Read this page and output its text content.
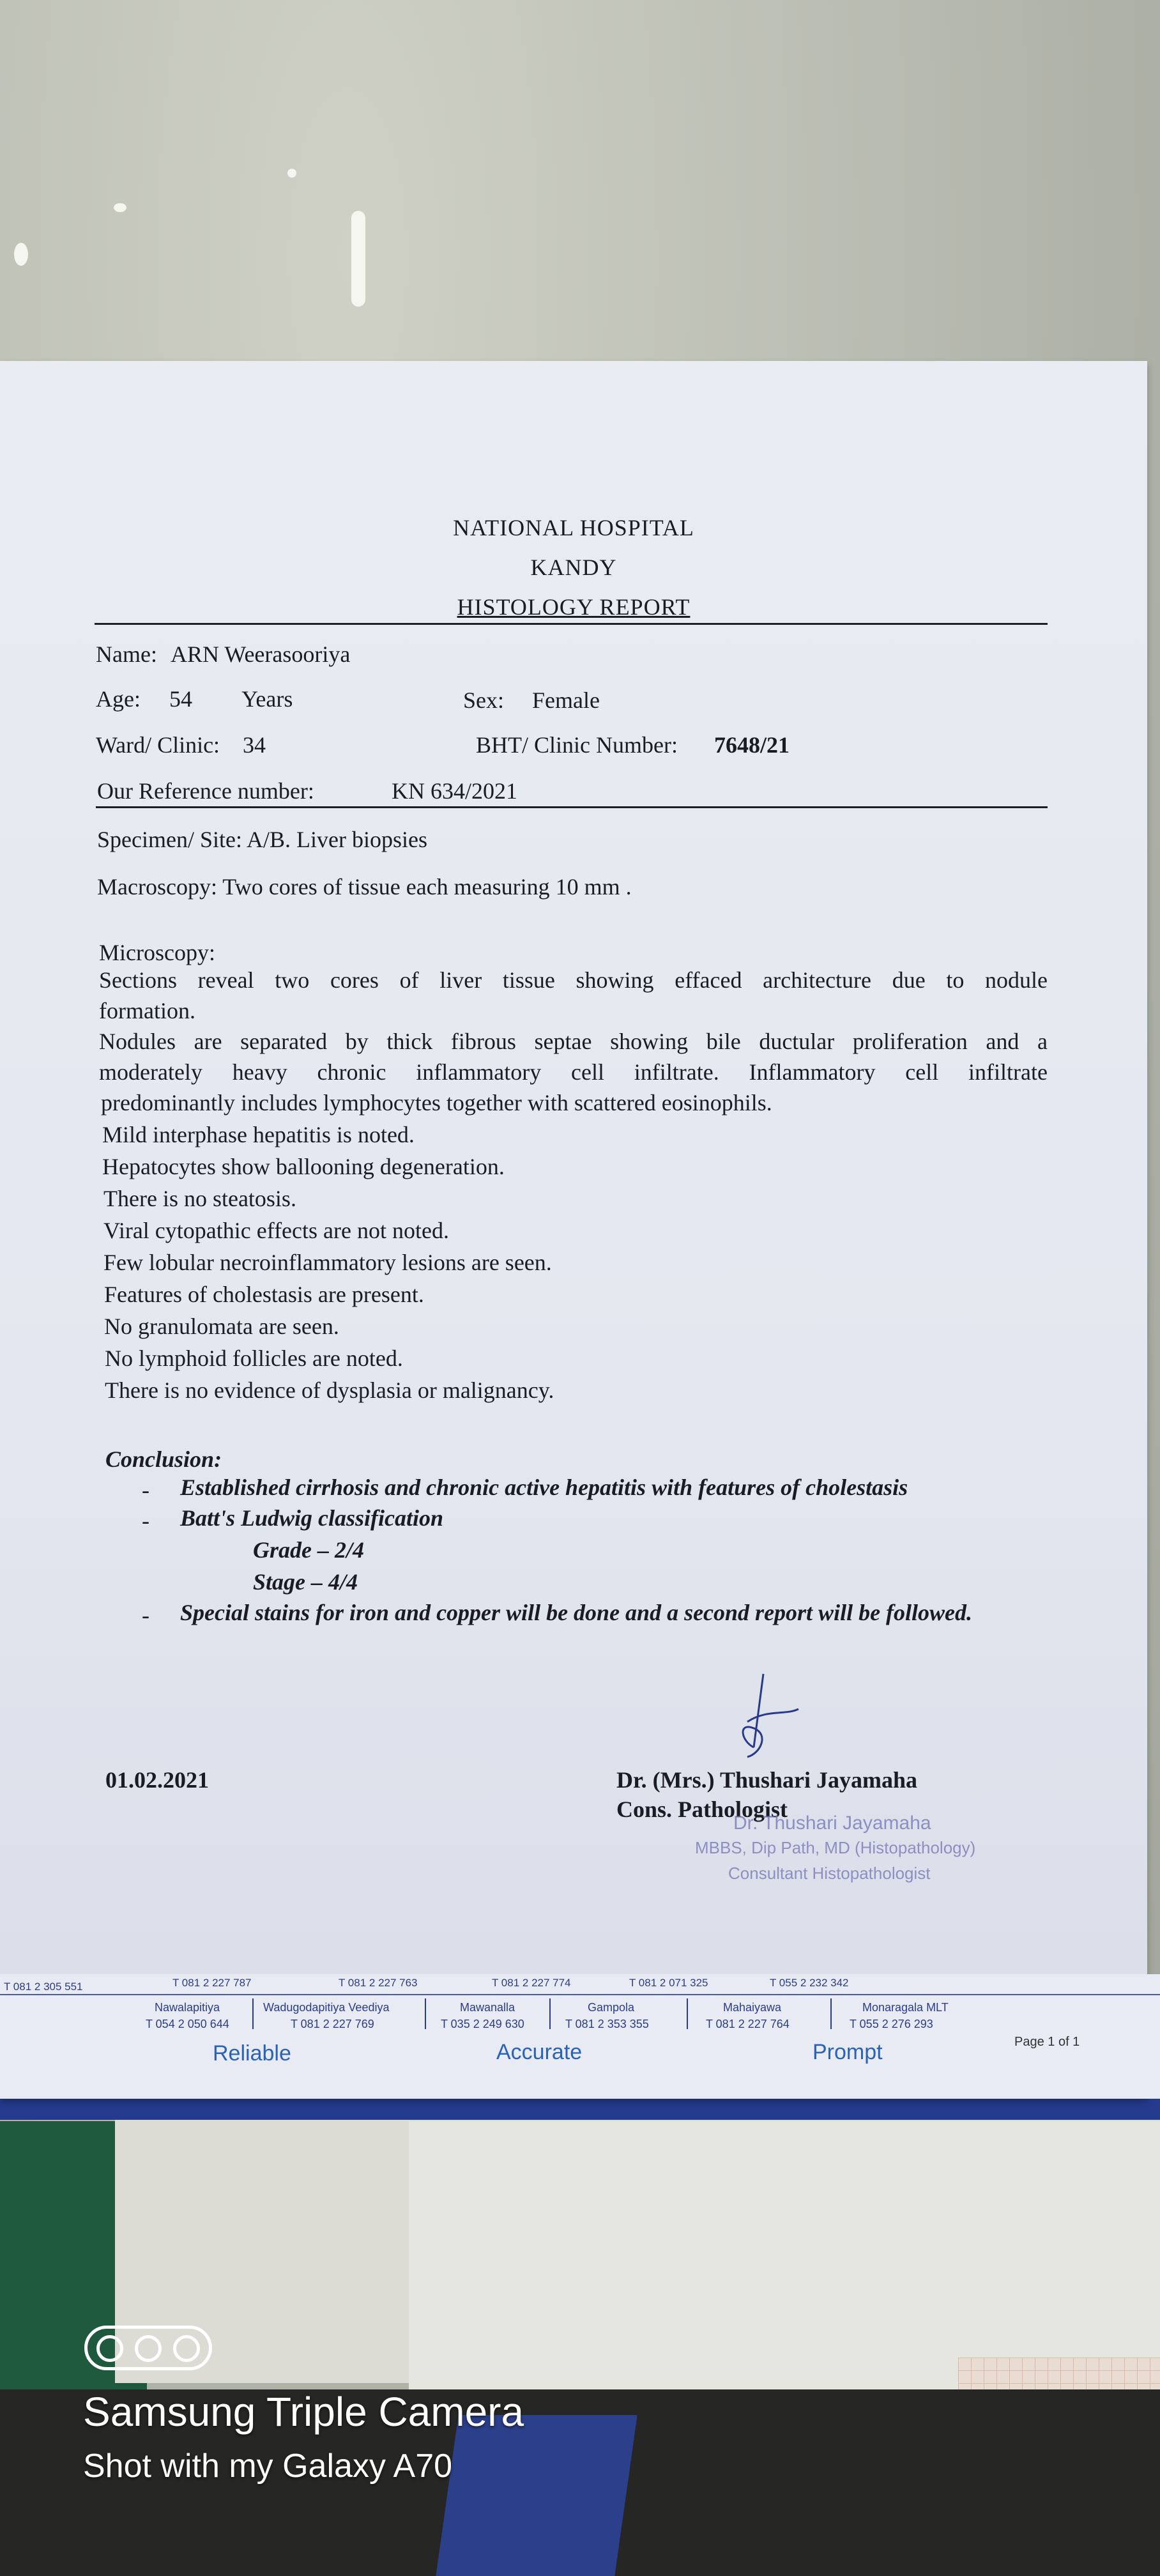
NATIONAL HOSPITAL
KANDY
HISTOLOGY REPORT
Name: ARN Weerasooriya
Age: 54 Years	Sex: Female
Ward/ Clinic: 34	BHT/ Clinic Number: 7648/21
Our Reference number:	KN 634/2021
Specimen/ Site: A/B. Liver biopsies
Macroscopy: Two cores of tissue each measuring 10 mm .
Microscopy:
Sections reveal two cores of liver tissue showing effaced architecture due to nodule
formation.
Nodules are separated by thick fibrous septae showing bile ductular proliferation and a
moderately heavy chronic inflammatory cell infiltrate. Inflammatory cell infiltrate
predominantly includes lymphocytes together with scattered eosinophils.
Mild interphase hepatitis is noted.
Hepatocytes show ballooning degeneration.
There is no steatosis.
Viral cytopathic effects are not noted.
Few lobular necroinflammatory lesions are seen.
Features of cholestasis are present.
No granulomata are seen.
No lymphoid follicles are noted.
There is no evidence of dysplasia or malignancy.
Conclusion:
- Established cirrhosis and chronic active hepatitis with features of cholestasis
- Batt's Ludwig classification
Grade – 2/4
Stage – 4/4
- Special stains for iron and copper will be done and a second report will be followed.
01.02.2021	Dr. (Mrs.) Thushari Jayamaha
Cons. Pathologist
Dr. Thushari Jayamaha
MBBS, Dip Path, MD (Histopathology)
Consultant Histopathologist
T 081 2 305 551	T 081 2 227 787	T 081 2 227 763	T 081 2 227 774	T 081 2 071 325	T 055 2 232 342
Nawalapitiya
T 054 2 050 644
Wadugodapitiya Veediya
T 081 2 227 769
Mawanalla
T 035 2 249 630
Gampola
T 081 2 353 355
Mahaiyawa
T 081 2 227 764
Monaragala MLT
T 055 2 276 293
Reliable	Accurate	Prompt	Page 1 of 1
Samsung Triple Camera
Shot with my Galaxy A70
